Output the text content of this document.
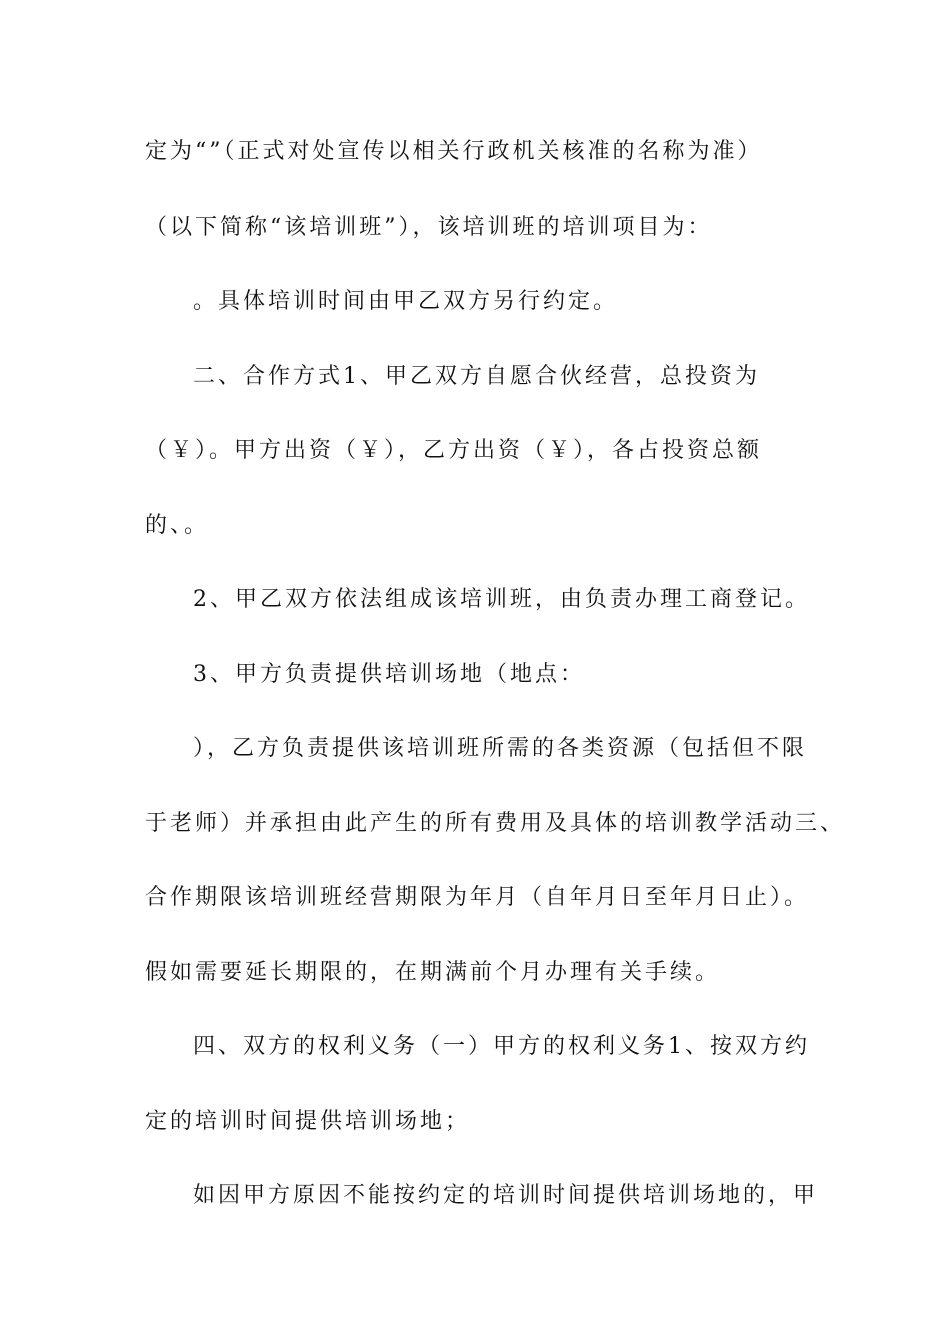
定为“”（正式对处宣传以相关行政机关核准的名称为准）
（以下简称“该培训班”），该培训班的培训项目为：
。具体培训时间由甲乙双方另行约定。
二、合作方式1、甲乙双方自愿合伙经营，总投资为
（￥）。甲方出资（￥），乙方出资（￥），各占投资总额
的、。
2、甲乙双方依法组成该培训班，由负责办理工商登记。
3、甲方负责提供培训场地（地点：
），乙方负责提供该培训班所需的各类资源（包括但不限
于老师）并承担由此产生的所有费用及具体的培训教学活动三、
合作期限该培训班经营期限为年月（自年月日至年月日止）。
假如需要延长期限的，在期满前个月办理有关手续。
四、双方的权利义务（一）甲方的权利义务1、按双方约
定的培训时间提供培训场地；
如因甲方原因不能按约定的培训时间提供培训场地的，甲
